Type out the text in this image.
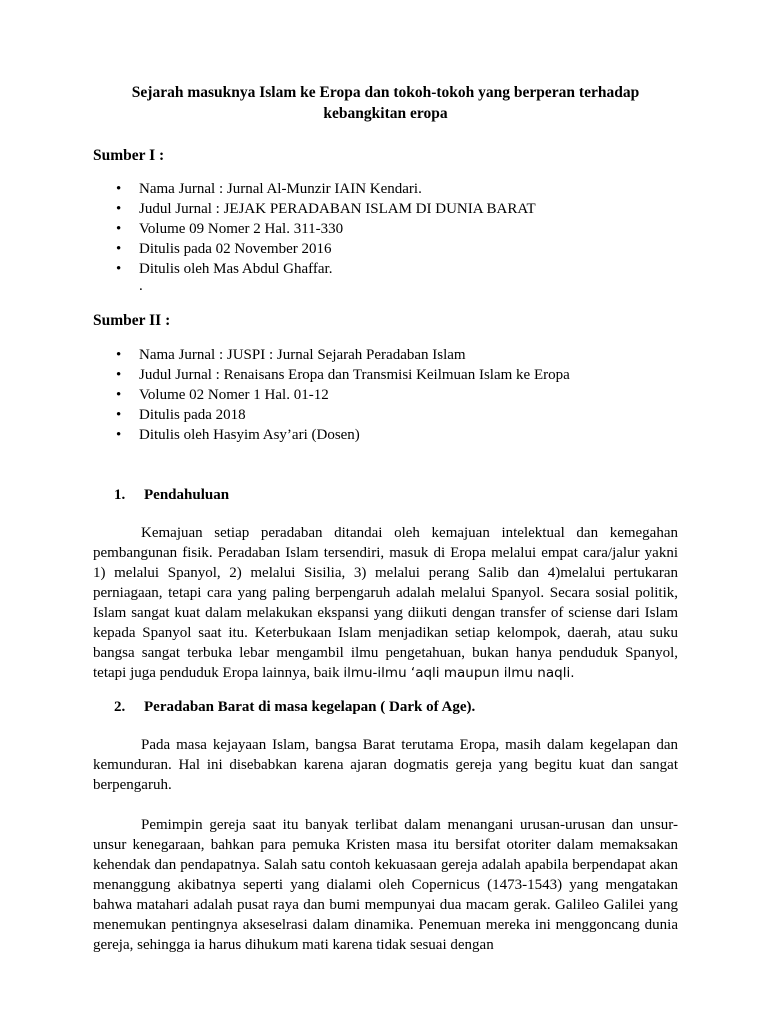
Sejarah masuknya Islam ke Eropa dan tokoh-tokoh yang berperan terhadap kebangkitan eropa
Sumber I :
• Nama Jurnal : Jurnal Al-Munzir IAIN Kendari.
• Judul Jurnal : JEJAK PERADABAN ISLAM DI DUNIA BARAT
• Volume 09 Nomer 2 Hal. 311-330
• Ditulis pada 02 November 2016
• Ditulis oleh Mas Abdul Ghaffar.
.
Sumber II :
• Nama Jurnal : JUSPI : Jurnal Sejarah Peradaban Islam
• Judul Jurnal : Renaisans Eropa dan Transmisi Keilmuan Islam ke Eropa
• Volume 02 Nomer 1 Hal. 01-12
• Ditulis pada 2018
• Ditulis oleh Hasyim Asy’ari (Dosen)
1. Pendahuluan

Kemajuan setiap peradaban ditandai oleh kemajuan intelektual dan kemegahan pembangunan fisik. Peradaban Islam tersendiri, masuk di Eropa melalui empat cara/jalur yakni 1) melalui Spanyol, 2) melalui Sisilia, 3) melalui perang Salib dan 4)melalui pertukaran perniagaan, tetapi cara yang paling berpengaruh adalah melalui Spanyol. Secara sosial politik, Islam sangat kuat dalam melakukan ekspansi yang diikuti dengan transfer of sciense dari Islam kepada Spanyol saat itu. Keterbukaan Islam menjadikan setiap kelompok, daerah, atau suku bangsa sangat terbuka lebar mengambil ilmu pengetahuan, bukan hanya penduduk Spanyol, tetapi juga penduduk Eropa lainnya, baik ilmu-ilmu ‘aqli maupun ilmu naqli.

2. Peradaban Barat di masa kegelapan ( Dark of Age).

Pada masa kejayaan Islam, bangsa Barat terutama Eropa, masih dalam kegelapan dan kemunduran. Hal ini disebabkan karena ajaran dogmatis gereja yang begitu kuat dan sangat berpengaruh.

Pemimpin gereja saat itu banyak terlibat dalam menangani urusan-urusan dan unsur-unsur kenegaraan, bahkan para pemuka Kristen masa itu bersifat otoriter dalam memaksakan kehendak dan pendapatnya. Salah satu contoh kekuasaan gereja adalah apabila berpendapat akan menanggung akibatnya seperti yang dialami oleh Copernicus (1473-1543) yang mengatakan bahwa matahari adalah pusat raya dan bumi mempunyai dua macam gerak. Galileo Galilei yang menemukan pentingnya akseselrasi dalam dinamika. Penemuan mereka ini menggoncang dunia gereja, sehingga ia harus dihukum mati karena tidak sesuai dengan
